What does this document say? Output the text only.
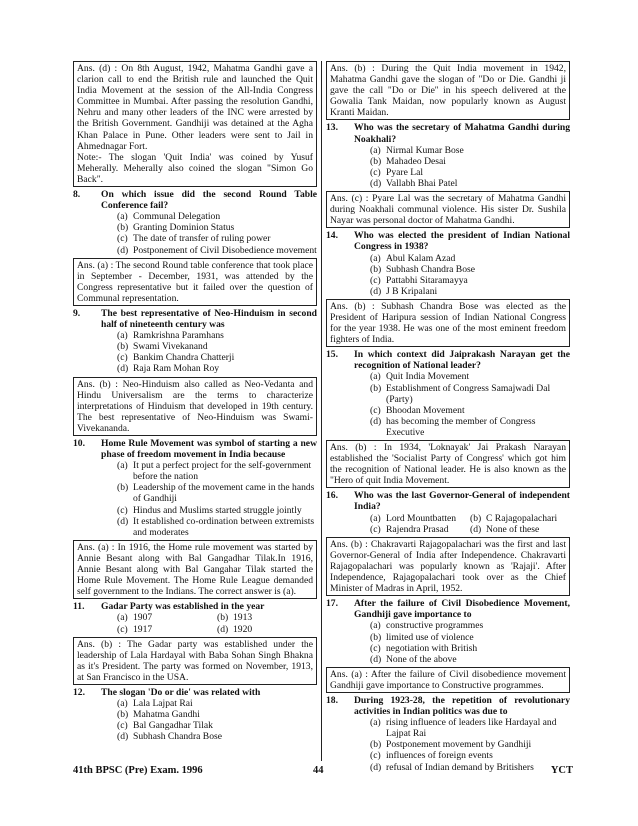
Ans. (d) : On 8th August, 1942, Mahatma Gandhi gave a clarion call to end the British rule and launched the Quit India Movement at the session of the All-India Congress Committee in Mumbai. After passing the resolution Gandhi, Nehru and many other leaders of the INC were arrested by the British Government. Gandhiji was detained at the Agha Khan Palace in Pune. Other leaders were sent to Jail in Ahmednagar Fort.
Note:- The slogan 'Quit India' was coined by Yusuf Meherally. Meherally also coined the slogan "Simon Go Back".
8.	On which issue did the second Round Table Conference fail?
(a) Communal Delegation
(b) Granting Dominion Status
(c) The date of transfer of ruling power
(d) Postponement of Civil Disobedience movement
Ans. (a) : The second Round table conference that took place in September - December, 1931, was attended by the Congress representative but it failed over the question of Communal representation.
9.	The best representative of Neo-Hinduism in second half of nineteenth century was
(a) Ramkrishna Paramhans
(b) Swami Vivekanand
(c) Bankim Chandra Chatterji
(d) Raja Ram Mohan Roy
Ans. (b) : Neo-Hinduism also called as Neo-Vedanta and Hindu Universalism are the terms to characterize interpretations of Hinduism that developed in 19th century. The best representative of Neo-Hinduism was Swami-Vivekananda.
10.	Home Rule Movement was symbol of starting a new phase of freedom movement in India because
(a) It put a perfect project for the self-government before the nation
(b) Leadership of the movement came in the hands of Gandhiji
(c) Hindus and Muslims started struggle jointly
(d) It established co-ordination between extremists and moderates
Ans. (a) : In 1916, the Home rule movement was started by Annie Besant along with Bal Gangadhar Tilak.In 1916, Annie Besant along with Bal Gangahar Tilak started the Home Rule Movement. The Home Rule League demanded self government to the Indians. The correct answer is (a).
11.	Gadar Party was established in the year
(a) 1907	(b) 1913
(c) 1917	(d) 1920
Ans. (b) : The Gadar party was established under the leadership of Lala Hardayal with Baba Sohan Singh Bhakna as it's President. The party was formed on November, 1913, at San Francisco in the USA.
12.	The slogan 'Do or die' was related with
(a) Lala Lajpat Rai
(b) Mahatma Gandhi
(c) Bal Gangadhar Tilak
(d) Subhash Chandra Bose
Ans. (b) : During the Quit India movement in 1942, Mahatma Gandhi gave the slogan of "Do or Die. Gandhi ji gave the call "Do or Die'' in his speech delivered at the Gowalia Tank Maidan, now popularly known as August Kranti Maidan.
13.	Who was the secretary of Mahatma Gandhi during Noakhali?
(a) Nirmal Kumar Bose
(b) Mahadeo Desai
(c) Pyare Lal
(d) Vallabh Bhai Patel
Ans. (c) : Pyare Lal was the secretary of Mahatma Gandhi during Noakhali communal violence. His sister Dr. Sushila Nayar was personal doctor of Mahatma Gandhi.
14.	Who was elected the president of Indian National Congress in 1938?
(a) Abul Kalam Azad
(b) Subhash Chandra Bose
(c) Pattabhi Sitaramayya
(d) J B Kripalani
Ans. (b) : Subhash Chandra Bose was elected as the President of Haripura session of Indian National Congress for the year 1938. He was one of the most eminent freedom fighters of India.
15.	In which context did Jaiprakash Narayan get the recognition of National leader?
(a) Quit India Movement
(b) Establishment of Congress Samajwadi Dal (Party)
(c) Bhoodan Movement
(d) has becoming the member of Congress Executive
Ans. (b) : In 1934, 'Loknayak' Jai Prakash Narayan established the 'Socialist Party of Congress' which got him the recognition of National leader. He is also known as the "Hero of quit India Movement.
16.	Who was the last Governor-General of independent India?
(a) Lord Mountbatten	(b) C Rajagopalachari
(c) Rajendra Prasad	(d) None of these
Ans. (b) : Chakravarti Rajagopalachari was the first and last Governor-General of India after Independence. Chakravarti Rajagopalachari was popularly known as 'Rajaji'. After Independence, Rajagopalachari took over as the Chief Minister of Madras in April, 1952.
17.	After the failure of Civil Disobedience Movement, Gandhiji gave importance to
(a) constructive programmes
(b) limited use of violence
(c) negotiation with British
(d) None of the above
Ans. (a) : After the failure of Civil disobedience movement Gandhiji gave importance to Constructive programmes.
18.	During 1923-28, the repetition of revolutionary activities in Indian politics was due to
(a) rising influence of leaders like Hardayal and Lajpat Rai
(b) Postponement movement by Gandhiji
(c) influences of foreign events
(d) refusal of Indian demand by Britishers
41th BPSC (Pre) Exam. 1996	44	YCT
